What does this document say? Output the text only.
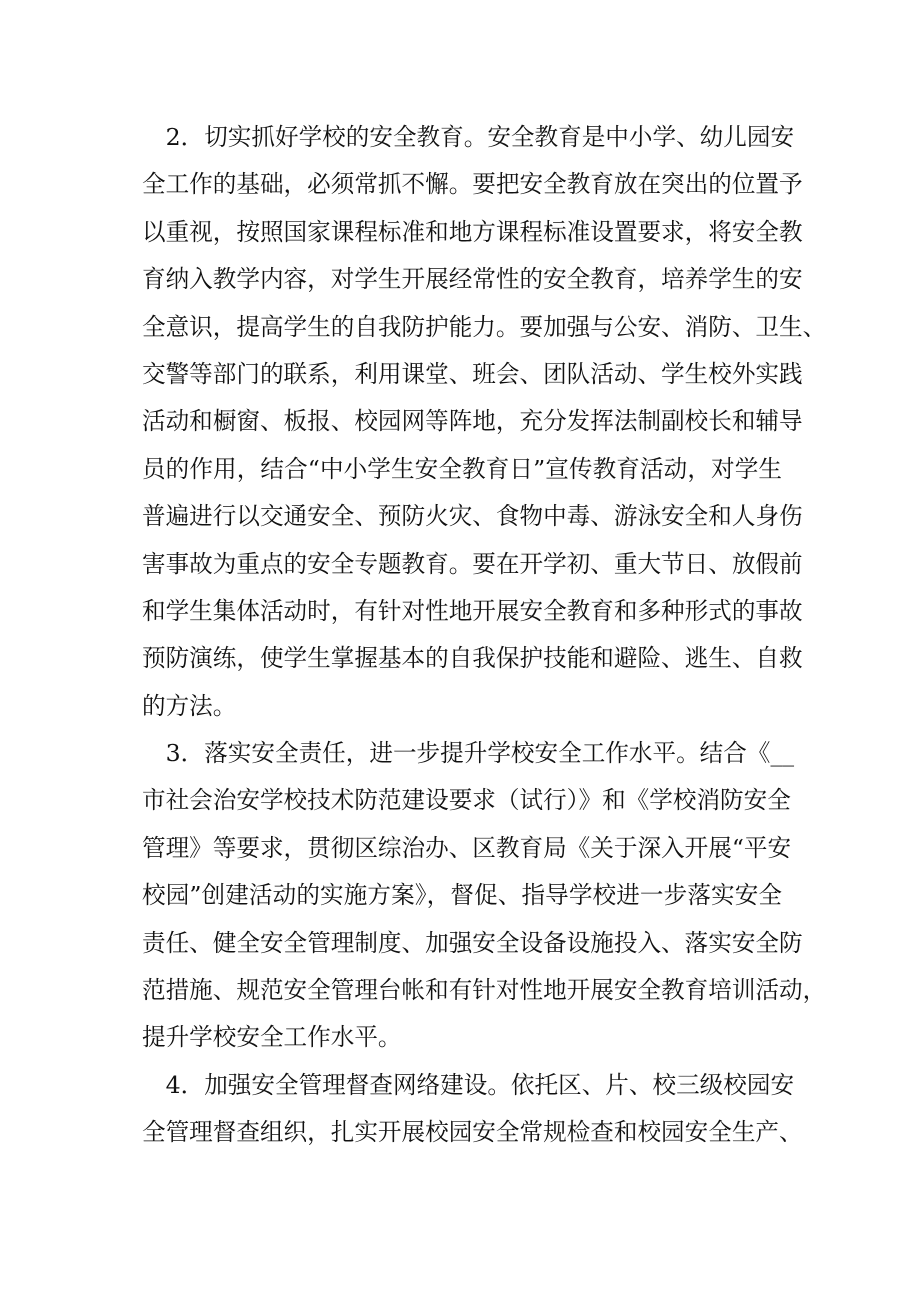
　2．切实抓好学校的安全教育。安全教育是中小学、幼儿园安
全工作的基础，必须常抓不懈。要把安全教育放在突出的位置予
以重视，按照国家课程标准和地方课程标准设置要求，将安全教
育纳入教学内容，对学生开展经常性的安全教育，培养学生的安
全意识，提高学生的自我防护能力。要加强与公安、消防、卫生、
交警等部门的联系，利用课堂、班会、团队活动、学生校外实践
活动和橱窗、板报、校园网等阵地，充分发挥法制副校长和辅导
员的作用，结合“中小学生安全教育日”宣传教育活动，对学生
普遍进行以交通安全、预防火灾、食物中毒、游泳安全和人身伤
害事故为重点的安全专题教育。要在开学初、重大节日、放假前
和学生集体活动时，有针对性地开展安全教育和多种形式的事故
预防演练，使学生掌握基本的自我保护技能和避险、逃生、自救
的方法。

　3．落实安全责任，进一步提升学校安全工作水平。结合《__
市社会治安学校技术防范建设要求（试行）》和《学校消防安全
管理》等要求，贯彻区综治办、区教育局《关于深入开展“平安
校园”创建活动的实施方案》，督促、指导学校进一步落实安全
责任、健全安全管理制度、加强安全设备设施投入、落实安全防
范措施、规范安全管理台帐和有针对性地开展安全教育培训活动，
提升学校安全工作水平。

　4．加强安全管理督查网络建设。依托区、片、校三级校园安
全管理督查组织，扎实开展校园安全常规检查和校园安全生产、
